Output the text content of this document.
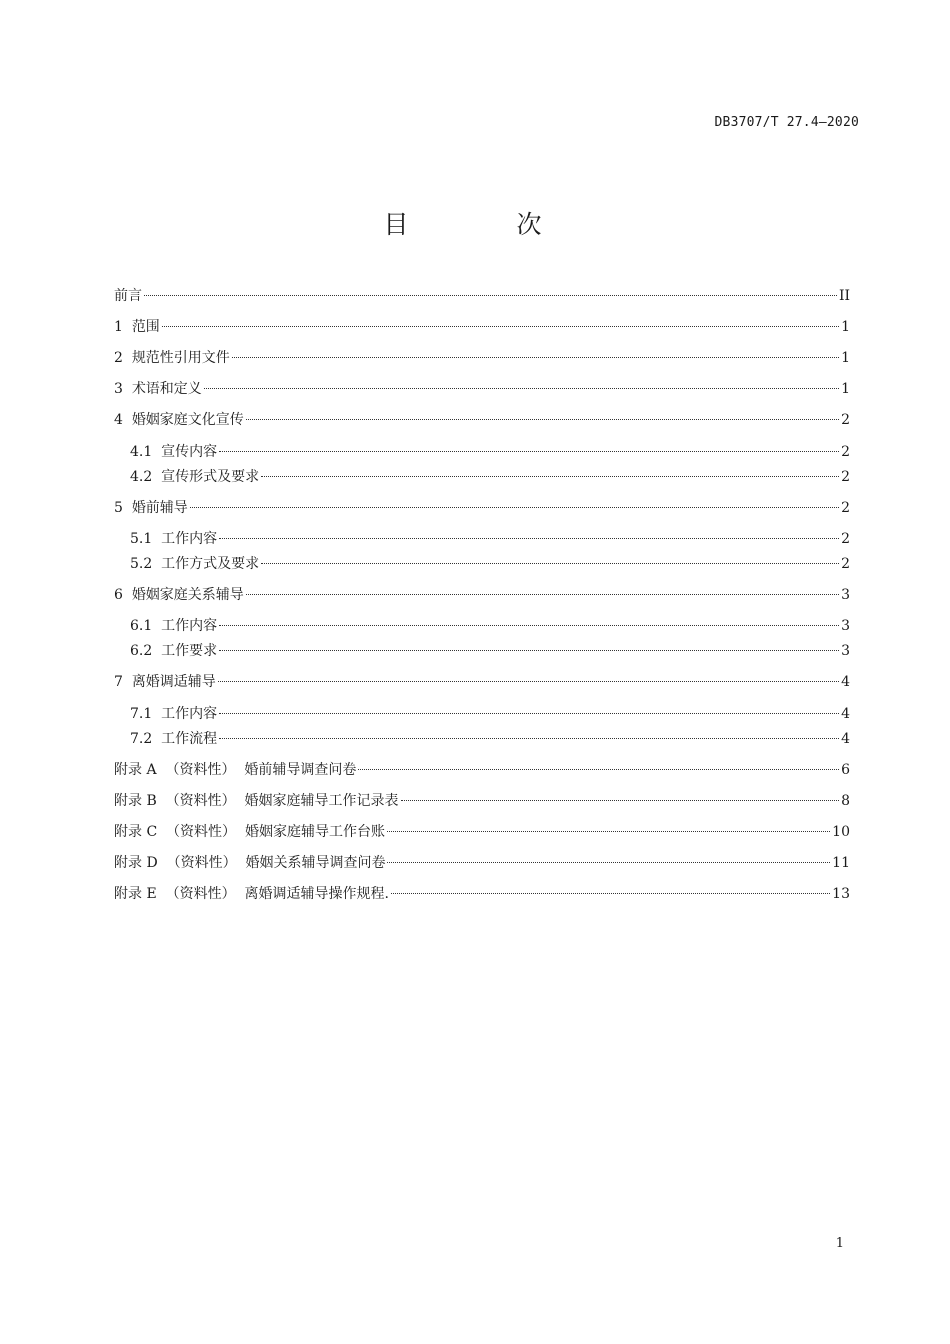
DB3707/T 27.4—2020
目 次
前言	II
1 范围	1
2 规范性引用文件	1
3 术语和定义	1
4 婚姻家庭文化宣传	2
4.1 宣传内容	2
4.2 宣传形式及要求	2
5 婚前辅导	2
5.1 工作内容	2
5.2 工作方式及要求	2
6 婚姻家庭关系辅导	3
6.1 工作内容	3
6.2 工作要求	3
7 离婚调适辅导	4
7.1 工作内容	4
7.2 工作流程	4
附录 A  （资料性） 婚前辅导调查问卷	6
附录 B  （资料性） 婚姻家庭辅导工作记录表	8
附录 C  （资料性） 婚姻家庭辅导工作台账	10
附录 D  （资料性） 婚姻关系辅导调查问卷	11
附录 E  （资料性） 离婚调适辅导操作规程.	13
1
